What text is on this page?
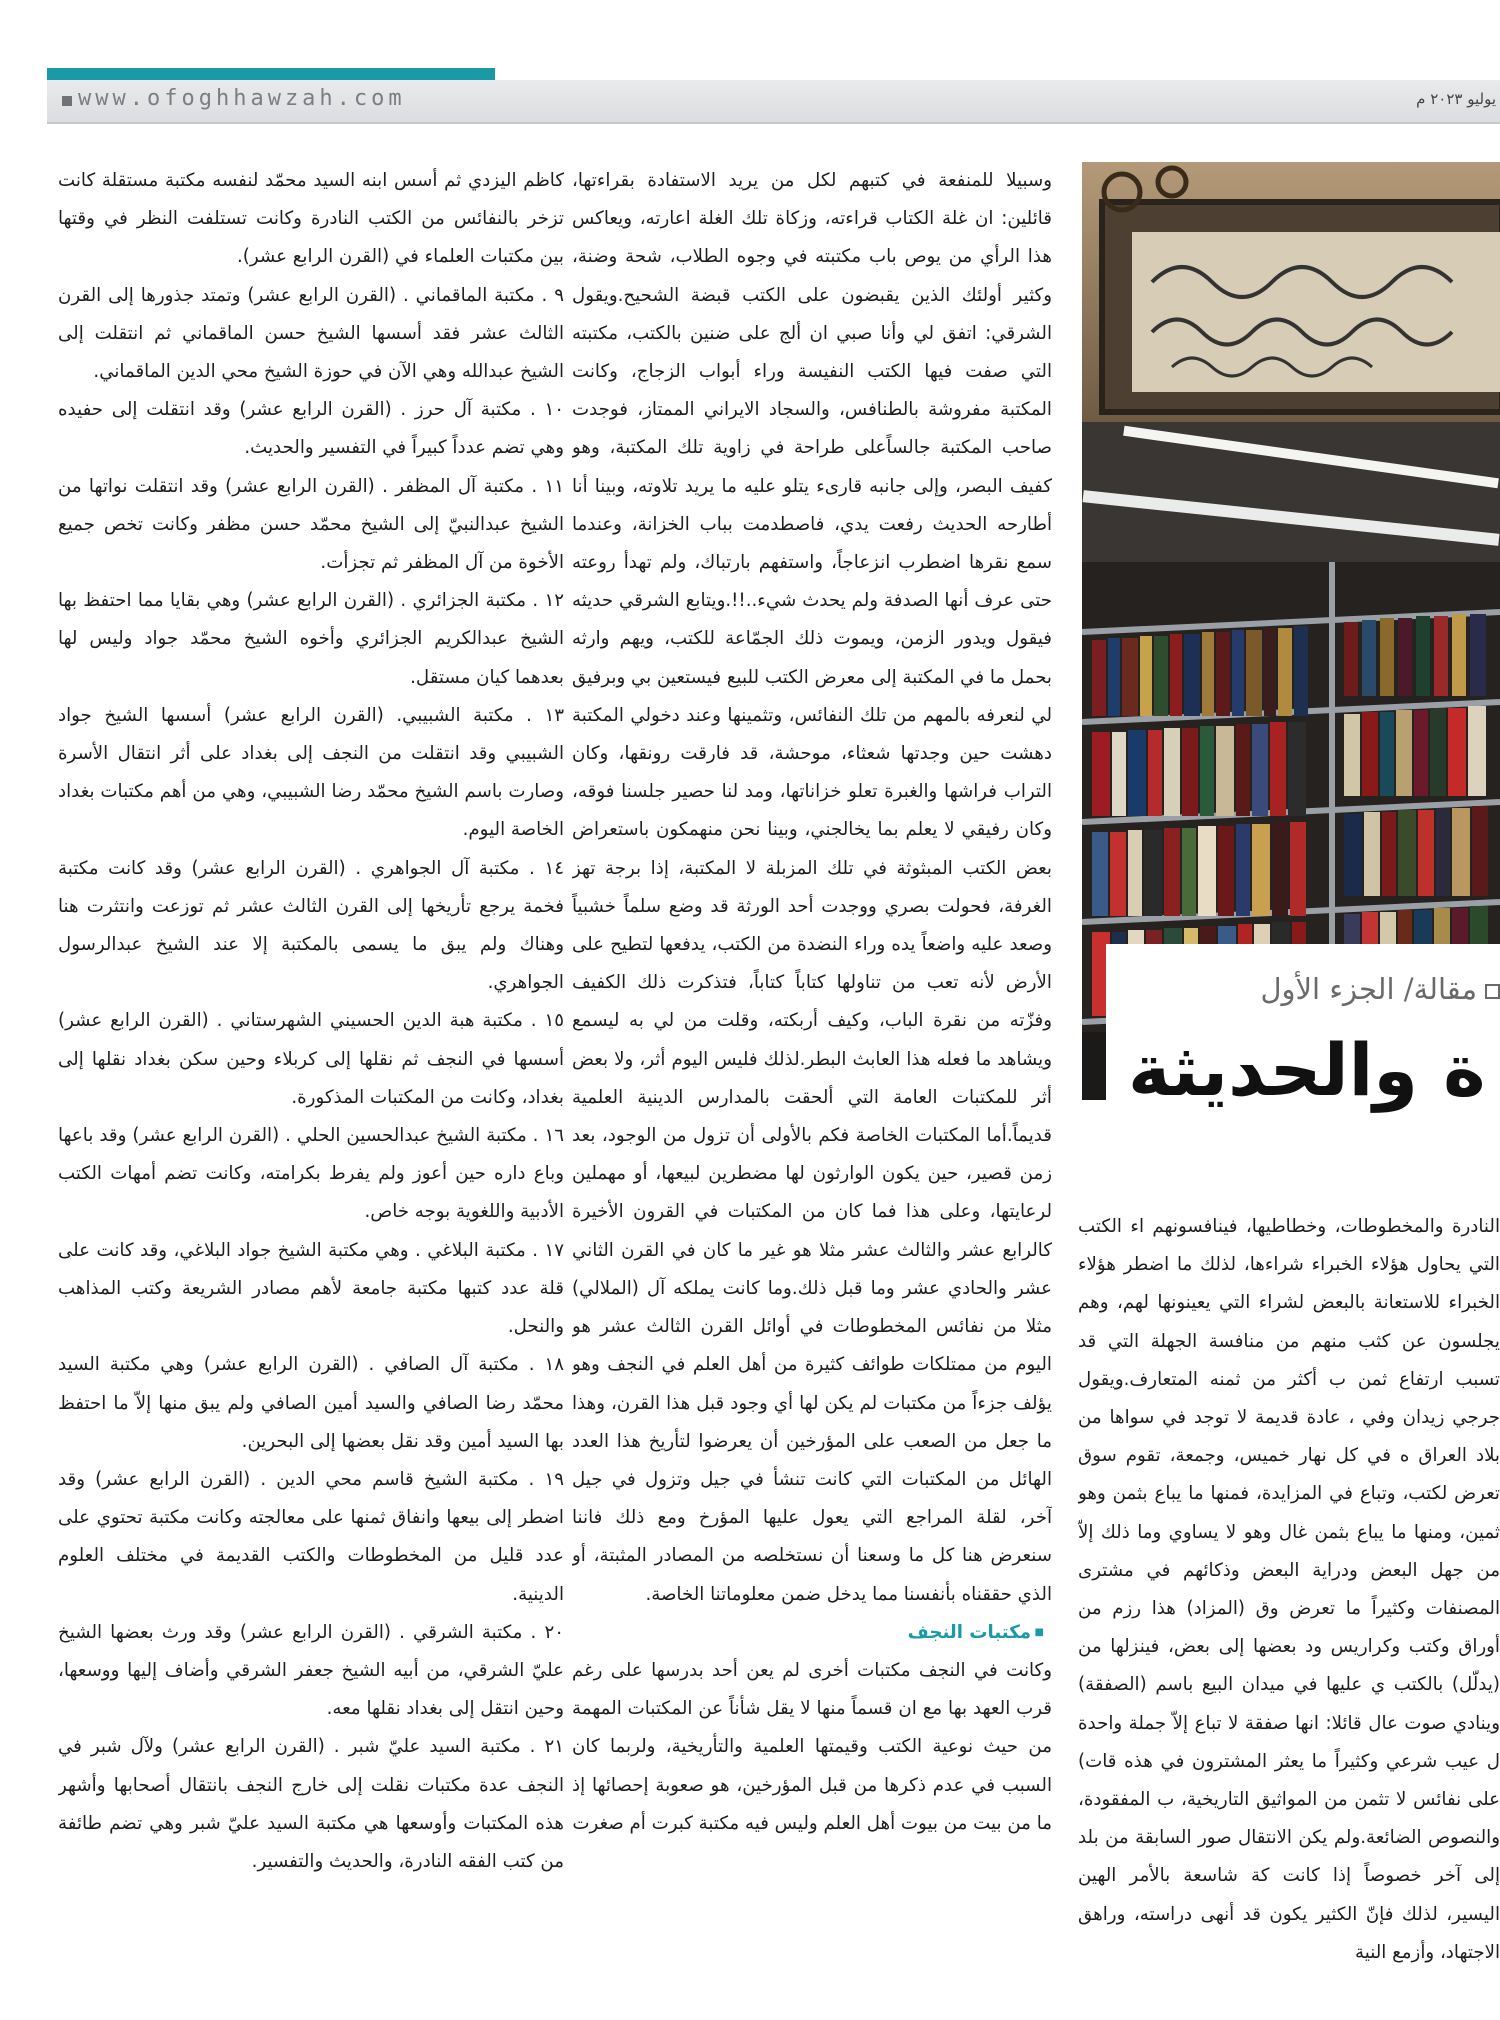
www.ofoghhawzah.com	يوليو ٢٠٢٣ م

كاظم اليزدي ثم أسس ابنه السيد محمّد لنفسه مكتبة مستقلة كانت تزخر بالنفائس من الكتب النادرة وكانت تستلفت النظر في وقتها بين مكتبات العلماء في (القرن الرابع عشر).

٩ . مكتبة الماقماني . (القرن الرابع عشر) وتمتد جذورها إلى القرن الثالث عشر فقد أسسها الشيخ حسن الماقماني ثم انتقلت إلى الشيخ عبدالله وهي الآن في حوزة الشيخ محي الدين الماقماني.

١٠ . مكتبة آل حرز . (القرن الرابع عشر) وقد انتقلت إلى حفيده وهي تضم عدداً كبيراً في التفسير والحديث.

١١ . مكتبة آل المظفر . (القرن الرابع عشر) وقد انتقلت نواتها من الشيخ عبدالنبيّ إلى الشيخ محمّد حسن مظفر وكانت تخص جميع الأخوة من آل المظفر ثم تجزأت.

١٢ . مكتبة الجزائري . (القرن الرابع عشر) وهي بقايا مما احتفظ بها الشيخ عبدالكريم الجزائري وأخوه الشيخ محمّد جواد وليس لها بعدهما كيان مستقل.

١٣ . مكتبة الشبيبي. (القرن الرابع عشر) أسسها الشيخ جواد الشبيبي وقد انتقلت من النجف إلى بغداد على أثر انتقال الأسرة وصارت باسم الشيخ محمّد رضا الشبيبي، وهي من أهم مكتبات بغداد الخاصة اليوم.

١٤ . مكتبة آل الجواهري . (القرن الرابع عشر) وقد كانت مكتبة فخمة يرجع تأريخها إلى القرن الثالث عشر ثم توزعت وانتثرت هنا وهناك ولم يبق ما يسمى بالمكتبة إلا عند الشيخ عبدالرسول الجواهري.

١٥ . مكتبة هبة الدين الحسيني الشهرستاني . (القرن الرابع عشر) أسسها في النجف ثم نقلها إلى كربلاء وحين سكن بغداد نقلها إلى بغداد، وكانت من المكتبات المذكورة.

١٦ . مكتبة الشيخ عبدالحسين الحلي . (القرن الرابع عشر) وقد باعها وباع داره حين أعوز ولم يفرط بكرامته، وكانت تضم أمهات الكتب الأدبية واللغوية بوجه خاص.

١٧ . مكتبة البلاغي . وهي مكتبة الشيخ جواد البلاغي، وقد كانت على قلة عدد كتبها مكتبة جامعة لأهم مصادر الشريعة وكتب المذاهب والنحل.

١٨ . مكتبة آل الصافي . (القرن الرابع عشر) وهي مكتبة السيد محمّد رضا الصافي والسيد أمين الصافي ولم يبق منها إلاّ ما احتفظ بها السيد أمين وقد نقل بعضها إلى البحرين.

١٩ . مكتبة الشيخ قاسم محي الدين . (القرن الرابع عشر) وقد اضطر إلى بيعها وانفاق ثمنها على معالجته وكانت مكتبة تحتوي على عدد قليل من المخطوطات والكتب القديمة في مختلف العلوم الدينية.

٢٠ . مكتبة الشرقي . (القرن الرابع عشر) وقد ورث بعضها الشيخ عليّ الشرقي، من أبيه الشيخ جعفر الشرقي وأضاف إليها ووسعها، وحين انتقل إلى بغداد نقلها معه.

٢١ . مكتبة السيد عليّ شبر . (القرن الرابع عشر) ولآل شبر في النجف عدة مكتبات نقلت إلى خارج النجف بانتقال أصحابها وأشهر هذه المكتبات وأوسعها هي مكتبة السيد عليّ شبر وهي تضم طائفة من كتب الفقه النادرة، والحديث والتفسير.

وسبيلا للمنفعة في كتبهم لكل من يريد الاستفادة بقراءتها، قائلين: ان غلة الكتاب قراءته، وزكاة تلك الغلة اعارته، ويعاكس هذا الرأي من يوص باب مكتبته في وجوه الطلاب، شحة وضنة، وكثير أولئك الذين يقبضون على الكتب قبضة الشحيح.ويقول الشرقي: اتفق لي وأنا صبي ان ألج على ضنين بالكتب، مكتبته التي صفت فيها الكتب النفيسة وراء أبواب الزجاج، وكانت المكتبة مفروشة بالطنافس، والسجاد الايراني الممتاز، فوجدت صاحب المكتبة جالساًعلى طراحة في زاوية تلك المكتبة، وهو كفيف البصر، وإلى جانبه قارىء يتلو عليه ما يريد تلاوته، وبينا أنا أطارحه الحديث رفعت يدي، فاصطدمت بباب الخزانة، وعندما سمع نقرها اضطرب انزعاجاً، واستفهم بارتباك، ولم تهدأ روعته حتى عرف أنها الصدفة ولم يحدث شيء..!!.ويتابع الشرقي حديثه فيقول ويدور الزمن، ويموت ذلك الجمّاعة للكتب، ويهم وارثه بحمل ما في المكتبة إلى معرض الكتب للبيع فيستعين بي وبرفيق لي لنعرفه بالمهم من تلك النفائس، وتثمينها وعند دخولي المكتبة دهشت حين وجدتها شعثاء، موحشة، قد فارقت رونقها، وكان التراب فراشها والغبرة تعلو خزاناتها، ومد لنا حصير جلسنا فوقه، وكان رفيقي لا يعلم بما يخالجني، وبينا نحن منهمكون باستعراض بعض الكتب المبثوثة في تلك المزبلة لا المكتبة، إذا برجة تهز الغرفة، فحولت بصري ووجدت أحد الورثة قد وضع سلماً خشبياً وصعد عليه واضعاً يده وراء النضدة من الكتب، يدفعها لتطيح على الأرض لأنه تعب من تناولها كتاباً كتاباً، فتذكرت ذلك الكفيف وفزّته من نقرة الباب، وكيف أربكته، وقلت من لي به ليسمع ويشاهد ما فعله هذا العابث البطر.لذلك فليس اليوم أثر، ولا بعض أثر للمكتبات العامة التي ألحقت بالمدارس الدينية العلمية قديماً.أما المكتبات الخاصة فكم بالأولى أن تزول من الوجود، بعد زمن قصير، حين يكون الوارثون لها مضطرين لبيعها، أو مهملين لرعايتها، وعلى هذا فما كان من المكتبات في القرون الأخيرة كالرابع عشر والثالث عشر مثلا هو غير ما كان في القرن الثاني عشر والحادي عشر وما قبل ذلك.وما كانت يملكه آل (الملالي) مثلا من نفائس المخطوطات في أوائل القرن الثالث عشر هو اليوم من ممتلكات طوائف كثيرة من أهل العلم في النجف وهو يؤلف جزءاً من مكتبات لم يكن لها أي وجود قبل هذا القرن، وهذا ما جعل من الصعب على المؤرخين أن يعرضوا لتأريخ هذا العدد الهائل من المكتبات التي كانت تنشأ في جيل وتزول في جيل آخر، لقلة المراجع التي يعول عليها المؤرخ ومع ذلك فاننا سنعرض هنا كل ما وسعنا أن نستخلصه من المصادر المثبتة، أو الذي حققناه بأنفسنا مما يدخل ضمن معلوماتنا الخاصة.

■ مكتبات النجف

وكانت في النجف مكتبات أخرى لم يعن أحد بدرسها على رغم قرب العهد بها مع ان قسماً منها لا يقل شأناً عن المكتبات المهمة من حيث نوعية الكتب وقيمتها العلمية والتأريخية، ولربما كان السبب في عدم ذكرها من قبل المؤرخين، هو صعوبة إحصائها إذ ما من بيت من بيوت أهل العلم وليس فيه مكتبة كبرت أم صغرت

مقالة/ الجزء الأول
ة والحديثة

النادرة والمخطوطات، وخطاطيها، فينافسونهم اء الكتب التي يحاول هؤلاء الخبراء شراءها، لذلك ما اضطر هؤلاء الخبراء للاستعانة بالبعض لشراء التي يعينونها لهم، وهم يجلسون عن كثب منهم من منافسة الجهلة التي قد تسبب ارتفاع ثمن ب أكثر من ثمنه المتعارف.ويقول جرجي زيدان وفي ، عادة قديمة لا توجد في سواها من بلاد العراق ه في كل نهار خميس، وجمعة، تقوم سوق تعرض لكتب، وتباع في المزايدة، فمنها ما يباع بثمن وهو ثمين، ومنها ما يباع بثمن غال وهو لا يساوي وما ذلك إلاّ من جهل البعض ودراية البعض وذكائهم في مشترى المصنفات وكثيراً ما تعرض وق (المزاد) هذا رزم من أوراق وكتب وكراريس ود بعضها إلى بعض، فينزلها من (يدلّل) بالكتب ي عليها في ميدان البيع باسم (الصفقة) وينادي صوت عال قائلا: انها صفقة لا تباع إلاّ جملة واحدة ل عيب شرعي وكثيراً ما يعثر المشترون في هذه قات) على نفائس لا تثمن من المواثيق التاريخية، ب المفقودة، والنصوص الضائعة.ولم يكن الانتقال صور السابقة من بلد إلى آخر خصوصاً إذا كانت كة شاسعة بالأمر الهين اليسير، لذلك فإنّ الكثير يكون قد أنهى دراسته، وراهق الاجتهاد، وأزمع النية
